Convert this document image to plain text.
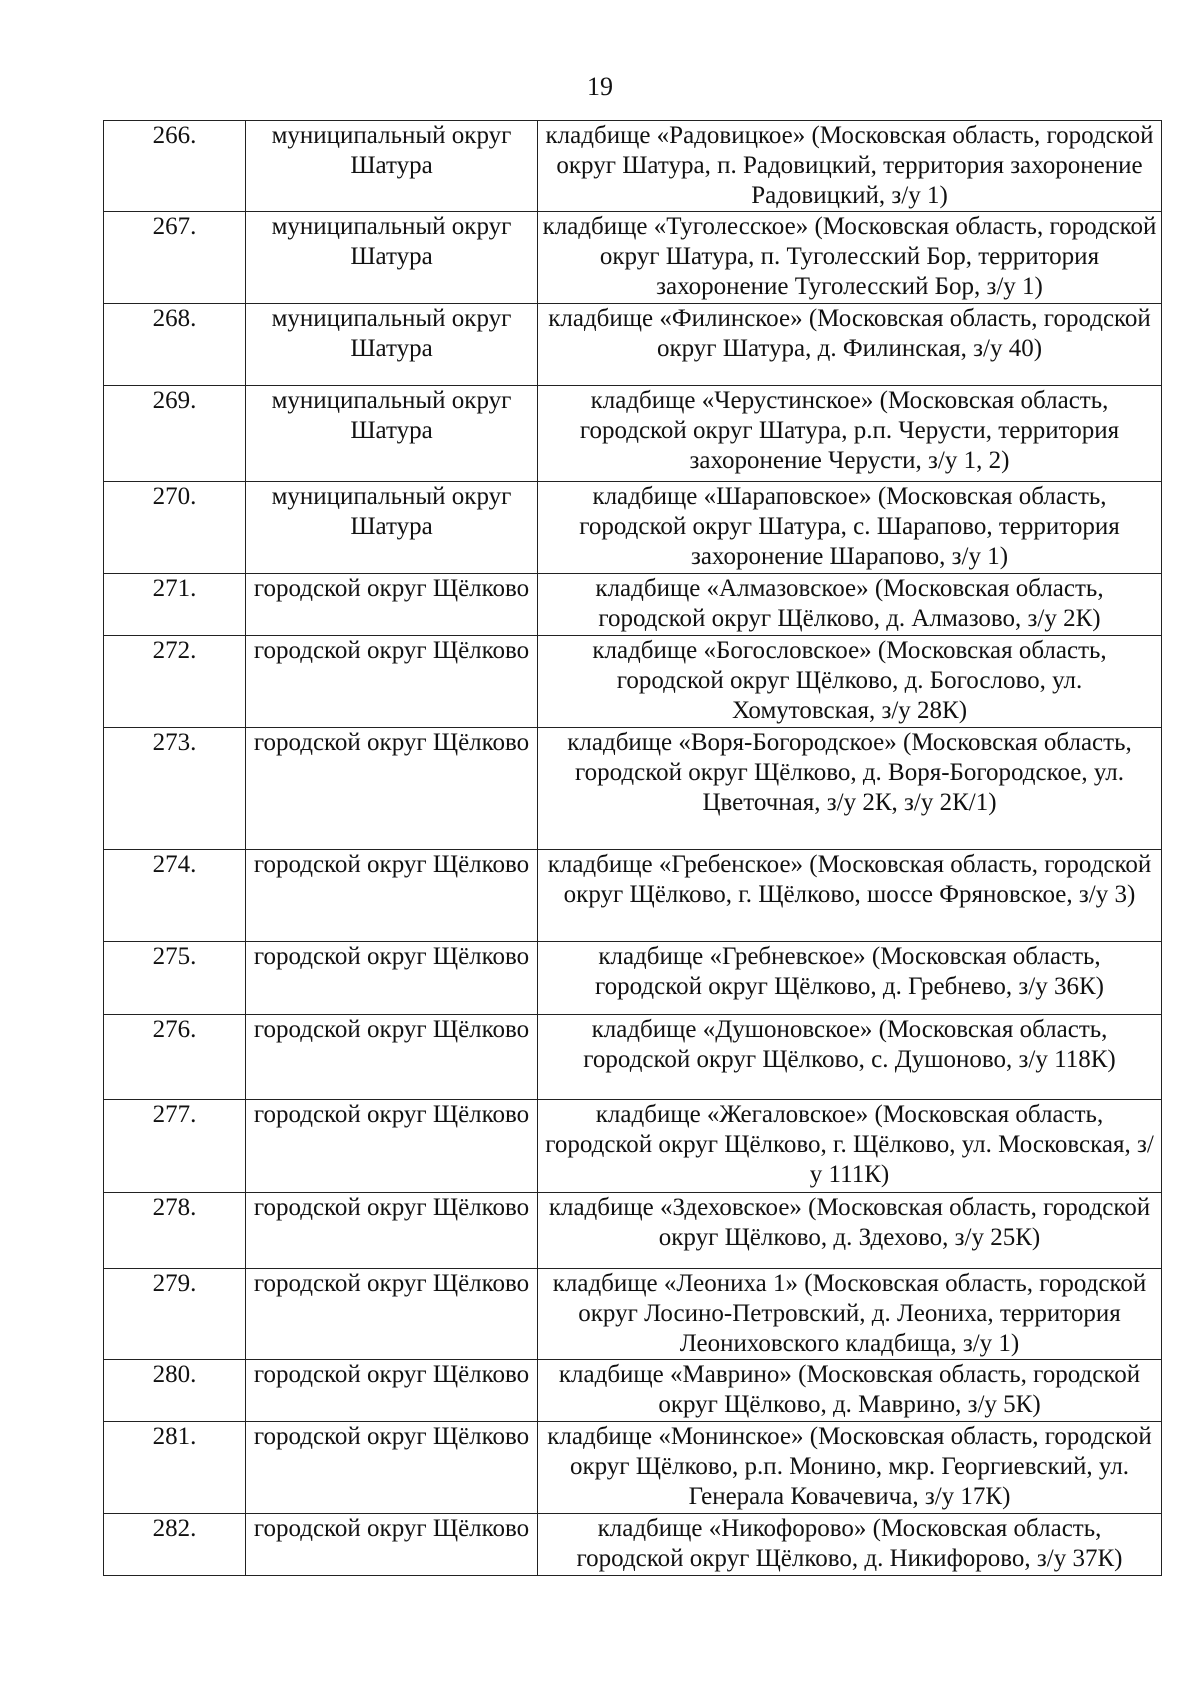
19
266.	муниципальный округ Шатура	кладбище «Радовицкое» (Московская область, городской округ Шатура, п. Радовицкий, территория захоронение Радовицкий, з/у 1)
267.	муниципальный округ Шатура	кладбище «Туголесское» (Московская область, городской округ Шатура, п. Туголесский Бор, территория захоронение Туголесский Бор, з/у 1)
268.	муниципальный округ Шатура	кладбище «Филинское» (Московская область, городской округ Шатура, д. Филинская, з/у 40)
269.	муниципальный округ Шатура	кладбище «Черустинское» (Московская область, городской округ Шатура, р.п. Черусти, территория захоронение Черусти, з/у 1, 2)
270.	муниципальный округ Шатура	кладбище «Шараповское» (Московская область, городской округ Шатура, с. Шарапово, территория захоронение Шарапово, з/у 1)
271.	городской округ Щёлково	кладбище «Алмазовское» (Московская область, городской округ Щёлково, д. Алмазово, з/у 2К)
272.	городской округ Щёлково	кладбище «Богословское» (Московская область, городской округ Щёлково, д. Богослово, ул. Хомутовская, з/у 28К)
273.	городской округ Щёлково	кладбище «Воря-Богородское» (Московская область, городской округ Щёлково, д. Воря-Богородское, ул. Цветочная, з/у 2К, з/у 2К/1)
274.	городской округ Щёлково	кладбище «Гребенское» (Московская область, городской округ Щёлково, г. Щёлково, шоссе Фряновское, з/у 3)
275.	городской округ Щёлково	кладбище «Гребневское» (Московская область, городской округ Щёлково, д. Гребнево, з/у 36К)
276.	городской округ Щёлково	кладбище «Душоновское» (Московская область, городской округ Щёлково, с. Душоново, з/у 118К)
277.	городской округ Щёлково	кладбище «Жегаловское» (Московская область, городской округ Щёлково, г. Щёлково, ул. Московская, з/у 111К)
278.	городской округ Щёлково	кладбище «Здеховское» (Московская область, городской округ Щёлково, д. Здехово, з/у 25К)
279.	городской округ Щёлково	кладбище «Леониха 1» (Московская область, городской округ Лосино-Петровский, д. Леониха, территория Леониховского кладбища, з/у 1)
280.	городской округ Щёлково	кладбище «Маврино» (Московская область, городской округ Щёлково, д. Маврино, з/у 5К)
281.	городской округ Щёлково	кладбище «Монинское» (Московская область, городской округ Щёлково, р.п. Монино, мкр. Георгиевский, ул. Генерала Ковачевича, з/у 17К)
282.	городской округ Щёлково	кладбище «Никофорово» (Московская область, городской округ Щёлково, д. Никифорово, з/у 37К)
